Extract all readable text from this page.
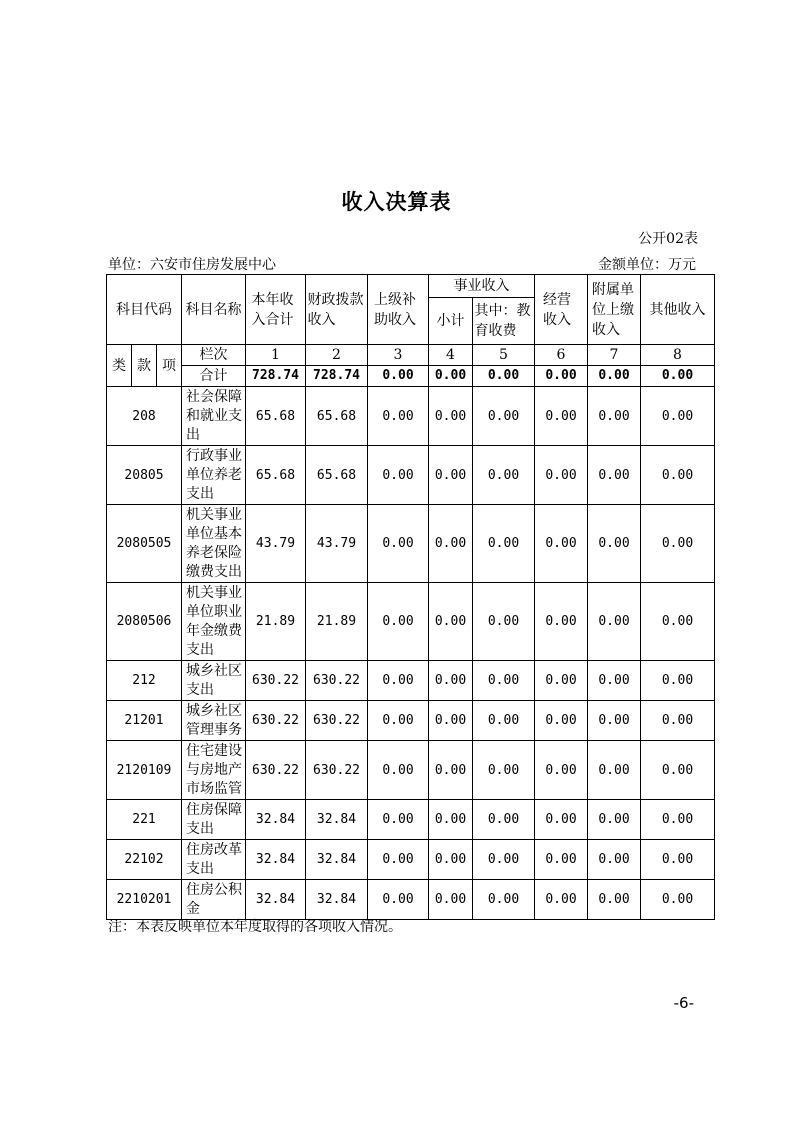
收入决算表
公开02表
单位：六安市住房发展中心	金额单位：万元
科目代码			科目名称	本年收入合计	财政拨款收入	上级补助收入	事业收入		经营收入	附属单位上缴收入	其他收入
							小计	其中：教育收费			
类	款	项	栏次	1	2	3	4	5	6	7	8
			合计	728.74	728.74	0.00	0.00	0.00	0.00	0.00	0.00
208			社会保障和就业支出	65.68	65.68	0.00	0.00	0.00	0.00	0.00	0.00
20805			行政事业单位养老支出	65.68	65.68	0.00	0.00	0.00	0.00	0.00	0.00
2080505			机关事业单位基本养老保险缴费支出	43.79	43.79	0.00	0.00	0.00	0.00	0.00	0.00
2080506			机关事业单位职业年金缴费支出	21.89	21.89	0.00	0.00	0.00	0.00	0.00	0.00
212			城乡社区支出	630.22	630.22	0.00	0.00	0.00	0.00	0.00	0.00
21201			城乡社区管理事务	630.22	630.22	0.00	0.00	0.00	0.00	0.00	0.00
2120109			住宅建设与房地产市场监管	630.22	630.22	0.00	0.00	0.00	0.00	0.00	0.00
221			住房保障支出	32.84	32.84	0.00	0.00	0.00	0.00	0.00	0.00
22102			住房改革支出	32.84	32.84	0.00	0.00	0.00	0.00	0.00	0.00
2210201			住房公积金	32.84	32.84	0.00	0.00	0.00	0.00	0.00	0.00
注：本表反映单位本年度取得的各项收入情况。
-6-
